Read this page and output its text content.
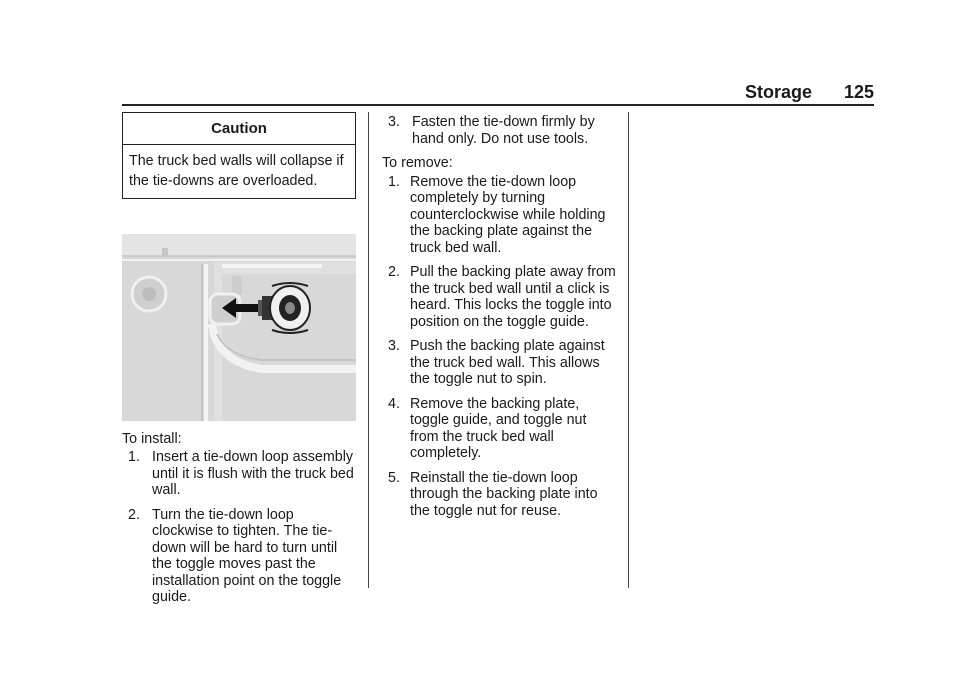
Storage 125
Caution
The truck bed walls will collapse if the tie-downs are overloaded.
To install:
1. Insert a tie-down loop assembly until it is flush with the truck bed wall.
2. Turn the tie-down loop clockwise to tighten. The tie-down will be hard to turn until the toggle moves past the installation point on the toggle guide.
3. Fasten the tie-down firmly by hand only. Do not use tools.
To remove:
1. Remove the tie-down loop completely by turning counterclockwise while holding the backing plate against the truck bed wall.
2. Pull the backing plate away from the truck bed wall until a click is heard. This locks the toggle into position on the toggle guide.
3. Push the backing plate against the truck bed wall. This allows the toggle nut to spin.
4. Remove the backing plate, toggle guide, and toggle nut from the truck bed wall completely.
5. Reinstall the tie-down loop through the backing plate into the toggle nut for reuse.
